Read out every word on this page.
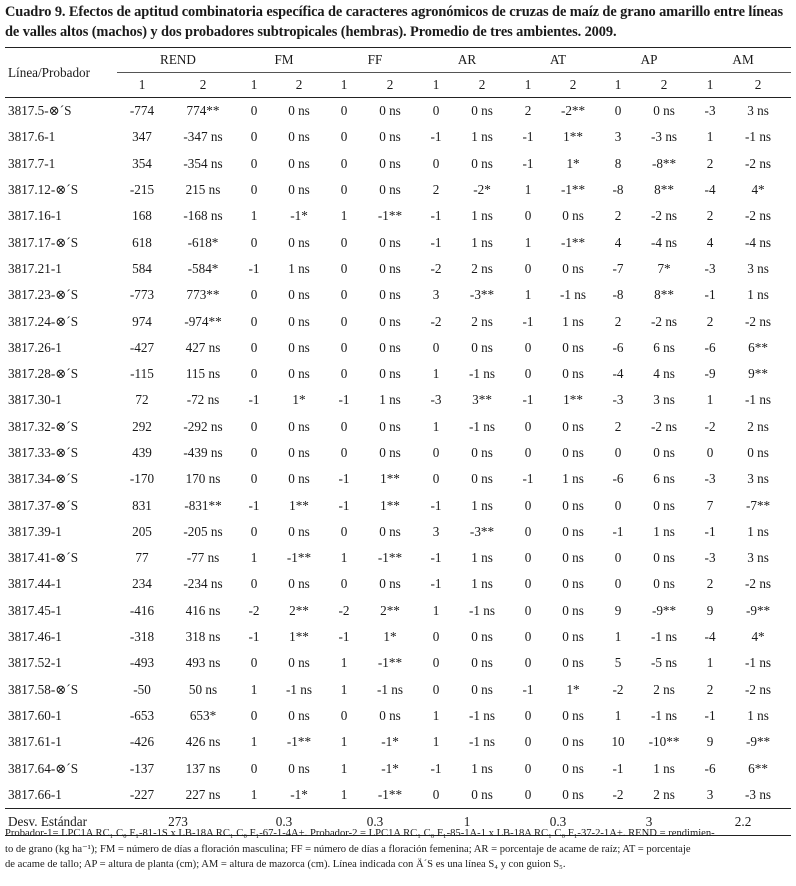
Cuadro 9. Efectos de aptitud combinatoria específica de caracteres agronómicos de cruzas de maíz de grano amarillo entre líneas de valles altos (machos) y dos probadores subtropicales (hembras). Promedio de tres ambientes. 2009.
Línea/Probador	REND		FM		FF		AR		AT		AP		AM	
	1	2	1	2	1	2	1	2	1	2	1	2	1	2
3817.5-⊗´S	-774	774**	0	0 ns	0	0 ns	0	0 ns	2	-2**	0	0 ns	-3	3 ns
3817.6-1	347	-347 ns	0	0 ns	0	0 ns	-1	1 ns	-1	1**	3	-3 ns	1	-1 ns
3817.7-1	354	-354 ns	0	0 ns	0	0 ns	0	0 ns	-1	1*	8	-8**	2	-2 ns
3817.12-⊗´S	-215	215 ns	0	0 ns	0	0 ns	2	-2*	1	-1**	-8	8**	-4	4*
3817.16-1	168	-168 ns	1	-1*	1	-1**	-1	1 ns	0	0 ns	2	-2 ns	2	-2 ns
3817.17-⊗´S	618	-618*	0	0 ns	0	0 ns	-1	1 ns	1	-1**	4	-4 ns	4	-4 ns
3817.21-1	584	-584*	-1	1 ns	0	0 ns	-2	2 ns	0	0 ns	-7	7*	-3	3 ns
3817.23-⊗´S	-773	773**	0	0 ns	0	0 ns	3	-3**	1	-1 ns	-8	8**	-1	1 ns
3817.24-⊗´S	974	-974**	0	0 ns	0	0 ns	-2	2 ns	-1	1 ns	2	-2 ns	2	-2 ns
3817.26-1	-427	427 ns	0	0 ns	0	0 ns	0	0 ns	0	0 ns	-6	6 ns	-6	6**
3817.28-⊗´S	-115	115 ns	0	0 ns	0	0 ns	1	-1 ns	0	0 ns	-4	4 ns	-9	9**
3817.30-1	72	-72 ns	-1	1*	-1	1 ns	-3	3**	-1	1**	-3	3 ns	1	-1 ns
3817.32-⊗´S	292	-292 ns	0	0 ns	0	0 ns	1	-1 ns	0	0 ns	2	-2 ns	-2	2 ns
3817.33-⊗´S	439	-439 ns	0	0 ns	0	0 ns	0	0 ns	0	0 ns	0	0 ns	0	0 ns
3817.34-⊗´S	-170	170 ns	0	0 ns	-1	1**	0	0 ns	-1	1 ns	-6	6 ns	-3	3 ns
3817.37-⊗´S	831	-831**	-1	1**	-1	1**	-1	1 ns	0	0 ns	0	0 ns	7	-7**
3817.39-1	205	-205 ns	0	0 ns	0	0 ns	3	-3**	0	0 ns	-1	1 ns	-1	1 ns
3817.41-⊗´S	77	-77 ns	1	-1**	1	-1**	-1	1 ns	0	0 ns	0	0 ns	-3	3 ns
3817.44-1	234	-234 ns	0	0 ns	0	0 ns	-1	1 ns	0	0 ns	0	0 ns	2	-2 ns
3817.45-1	-416	416 ns	-2	2**	-2	2**	1	-1 ns	0	0 ns	9	-9**	9	-9**
3817.46-1	-318	318 ns	-1	1**	-1	1*	0	0 ns	0	0 ns	1	-1 ns	-4	4*
3817.52-1	-493	493 ns	0	0 ns	1	-1**	0	0 ns	0	0 ns	5	-5 ns	1	-1 ns
3817.58-⊗´S	-50	50 ns	1	-1 ns	1	-1 ns	0	0 ns	-1	1*	-2	2 ns	2	-2 ns
3817.60-1	-653	653*	0	0 ns	0	0 ns	1	-1 ns	0	0 ns	1	-1 ns	-1	1 ns
3817.61-1	-426	426 ns	1	-1**	1	-1*	1	-1 ns	0	0 ns	10	-10**	9	-9**
3817.64-⊗´S	-137	137 ns	0	0 ns	1	-1*	-1	1 ns	0	0 ns	-1	1 ns	-6	6**
3817.66-1	-227	227 ns	1	-1*	1	-1**	0	0 ns	0	0 ns	-2	2 ns	3	-3 ns
Desv. Estándar	273		0.3		0.3		1		0.3		3		2.2	
Probador-1= LPC1A RC₁ C₀ F₁-81-1S x LB-18A RC₁ C₀ F₁-67-1-4A+. Probador-2 = LPC1A RC₁ C₀ F₁-85-1A-1 x LB-18A RC₁ C₀ F₁-37-2-1A+. REND = rendimien-
to de grano (kg ha⁻¹); FM = número de días a floración masculina; FF = número de días a floración femenina; AR = porcentaje de acame de raíz; AT = porcentaje
de acame de tallo; AP = altura de planta (cm); AM = altura de mazorca (cm). Línea indicada con Ä´S es una línea S₄ y con guion S₅.
